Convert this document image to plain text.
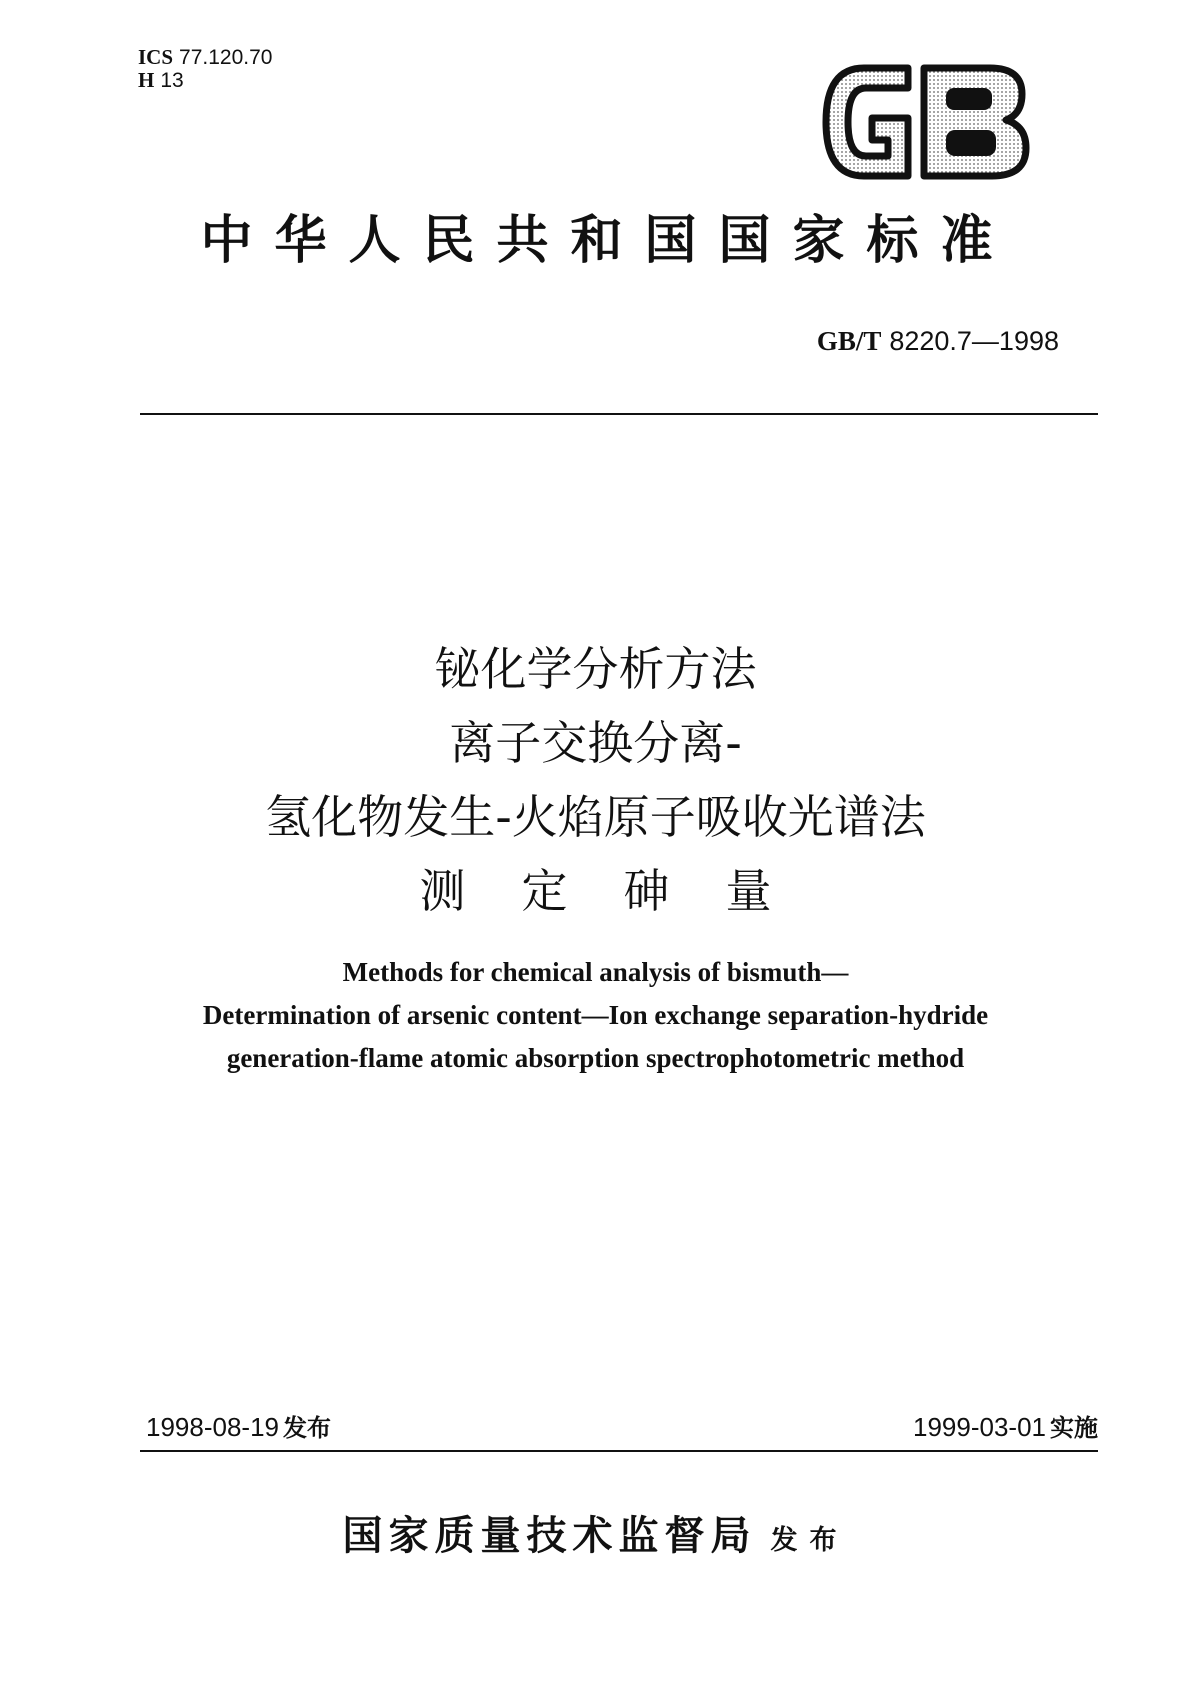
ICS 77.120.70
H 13
中华人民共和国国家标准
GB/T 8220.7—1998
铋化学分析方法
离子交换分离-
氢化物发生-火焰原子吸收光谱法
测定砷量
Methods for chemical analysis of bismuth—
Determination of arsenic content—Ion exchange separation-hydride
generation-flame atomic absorption spectrophotometric method
1998-08-19 发布	1999-03-01 实施
国家质量技术监督局 发布
